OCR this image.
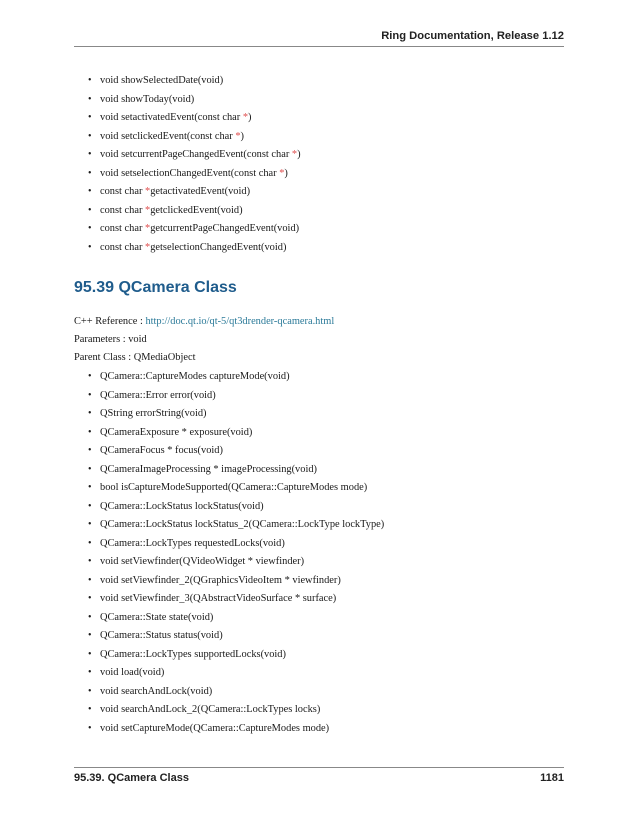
Ring Documentation, Release 1.12
• void showSelectedDate(void)
• void showToday(void)
• void setactivatedEvent(const char *)
• void setclickedEvent(const char *)
• void setcurrentPageChangedEvent(const char *)
• void setselectionChangedEvent(const char *)
• const char *getactivatedEvent(void)
• const char *getclickedEvent(void)
• const char *getcurrentPageChangedEvent(void)
• const char *getselectionChangedEvent(void)
95.39 QCamera Class

C++ Reference : http://doc.qt.io/qt-5/qt3drender-qcamera.html

Parameters : void

Parent Class : QMediaObject

• QCamera::CaptureModes captureMode(void)
• QCamera::Error error(void)
• QString errorString(void)
• QCameraExposure * exposure(void)
• QCameraFocus * focus(void)
• QCameraImageProcessing * imageProcessing(void)
• bool isCaptureModeSupported(QCamera::CaptureModes mode)
• QCamera::LockStatus lockStatus(void)
• QCamera::LockStatus lockStatus_2(QCamera::LockType lockType)
• QCamera::LockTypes requestedLocks(void)
• void setViewfinder(QVideoWidget * viewfinder)
• void setViewfinder_2(QGraphicsVideoItem * viewfinder)
• void setViewfinder_3(QAbstractVideoSurface * surface)
• QCamera::State state(void)
• QCamera::Status status(void)
• QCamera::LockTypes supportedLocks(void)
• void load(void)
• void searchAndLock(void)
• void searchAndLock_2(QCamera::LockTypes locks)
• void setCaptureMode(QCamera::CaptureModes mode)
95.39. QCamera Class	1181
